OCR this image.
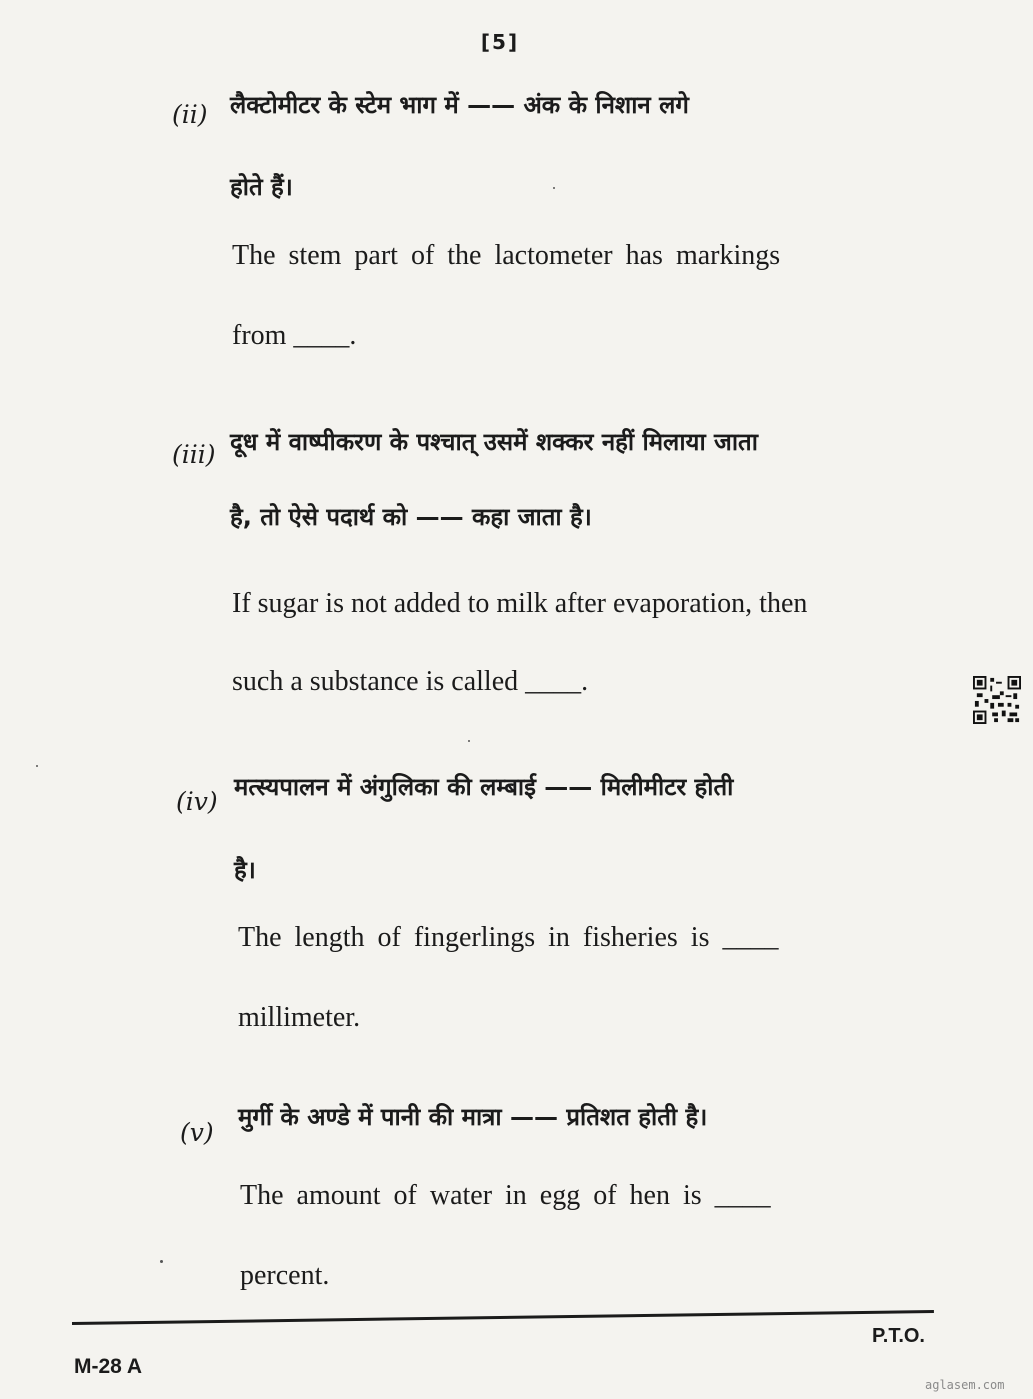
[5]
(ii) लैक्टोमीटर के स्टेम भाग में —— अंक के निशान लगे
होते हैं।
The stem part of the lactometer has markings
from ____.
(iii) दूध में वाष्पीकरण के पश्चात् उसमें शक्कर नहीं मिलाया जाता
है, तो ऐसे पदार्थ को —— कहा जाता है।
If sugar is not added to milk after evaporation, then
such a substance is called ____.
(iv) मत्स्यपालन में अंगुलिका की लम्बाई —— मिलीमीटर होती
है।
The length of fingerlings in fisheries is ____
millimeter.
(v)
मुर्गी के अण्डे में पानी की मात्रा —— प्रतिशत होती है।
The amount of water in egg of hen is ____
percent.
P.T.O.
M-28 A
aglasem.com
